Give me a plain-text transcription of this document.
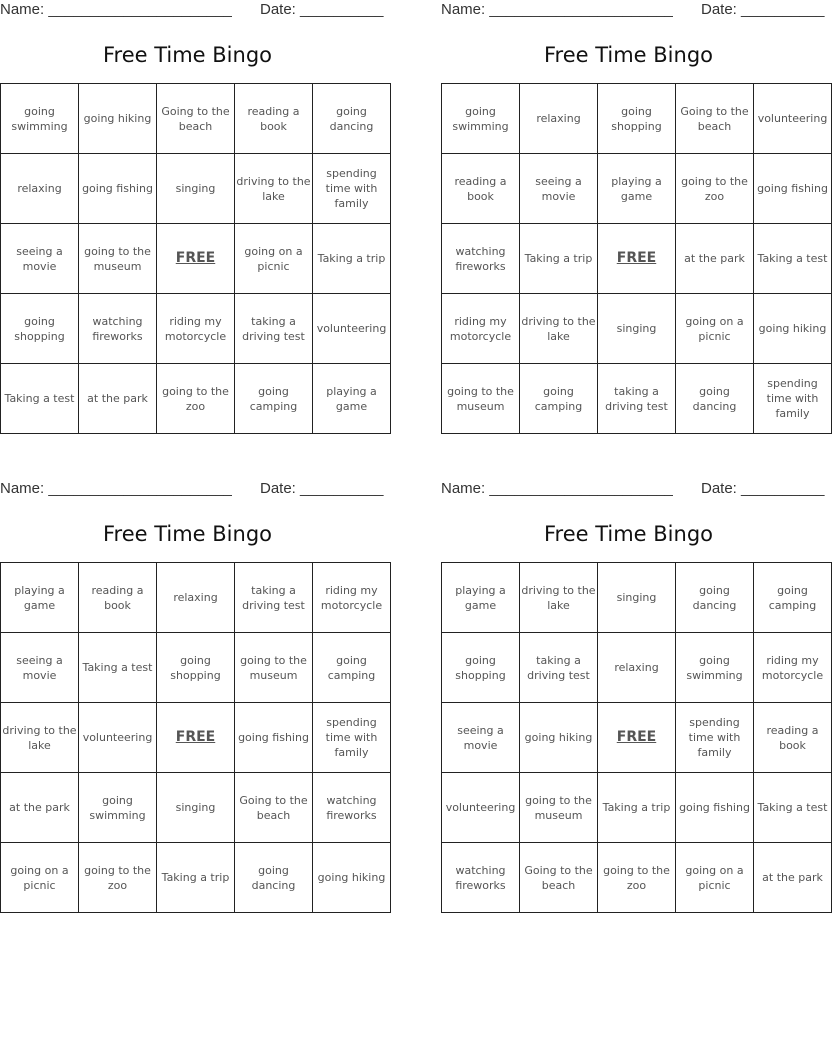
Name: ______________________ Date: __________
Free Time Bingo
going swimming	going hiking	Going to the beach	reading a book	going dancing
relaxing	going fishing	singing	driving to the lake	spending time with family
seeing a movie	going to the museum	FREE	going on a picnic	Taking a trip
going shopping	watching fireworks	riding my motorcycle	taking a driving test	volunteering
Taking a test	at the park	going to the zoo	going camping	playing a game
Name: ______________________ Date: __________
Free Time Bingo
going swimming	relaxing	going shopping	Going to the beach	volunteering
reading a book	seeing a movie	playing a game	going to the zoo	going fishing
watching fireworks	Taking a trip	FREE	at the park	Taking a test
riding my motorcycle	driving to the lake	singing	going on a picnic	going hiking
going to the museum	going camping	taking a driving test	going dancing	spending time with family
Name: ______________________ Date: __________
Free Time Bingo
playing a game	reading a book	relaxing	taking a driving test	riding my motorcycle
seeing a movie	Taking a test	going shopping	going to the museum	going camping
driving to the lake	volunteering	FREE	going fishing	spending time with family
at the park	going swimming	singing	Going to the beach	watching fireworks
going on a picnic	going to the zoo	Taking a trip	going dancing	going hiking
Name: ______________________ Date: __________
Free Time Bingo
playing a game	driving to the lake	singing	going dancing	going camping
going shopping	taking a driving test	relaxing	going swimming	riding my motorcycle
seeing a movie	going hiking	FREE	spending time with family	reading a book
volunteering	going to the museum	Taking a trip	going fishing	Taking a test
watching fireworks	Going to the beach	going to the zoo	going on a picnic	at the park
